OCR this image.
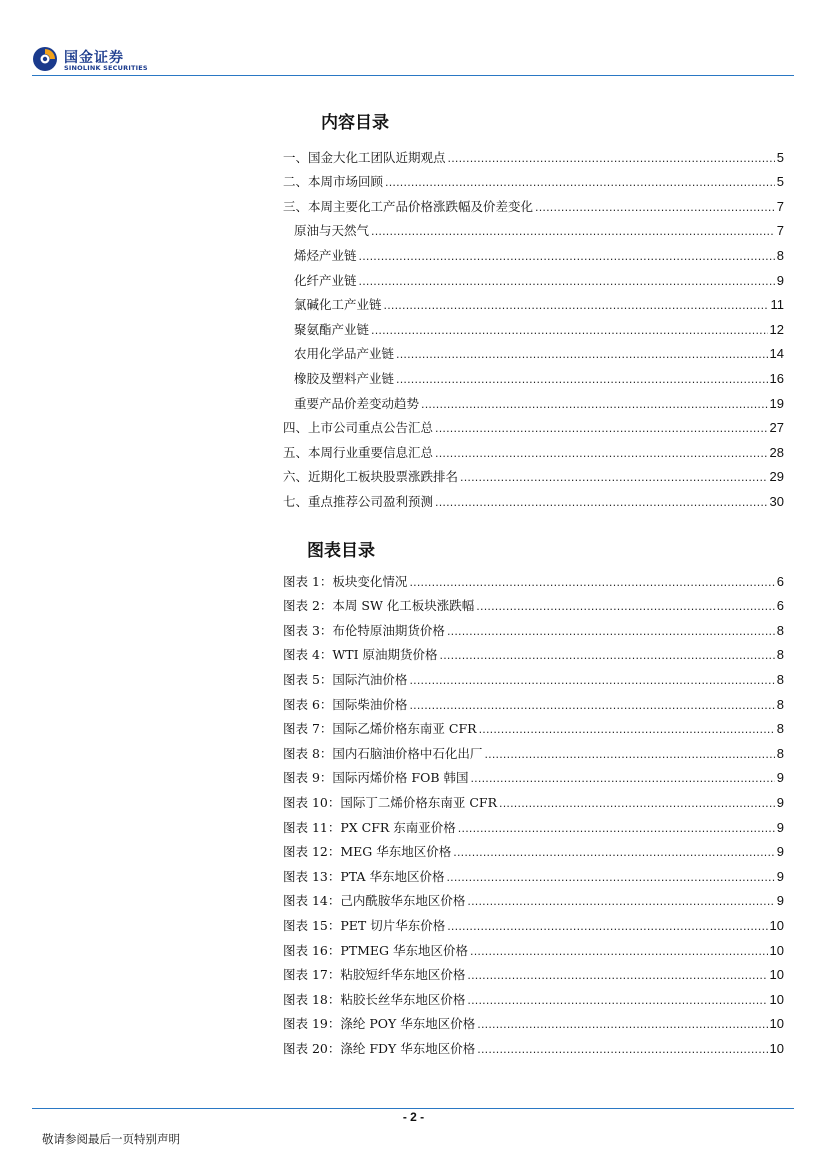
国金证券
SINOLINK SECURITIES
内容目录
一、国金大化工团队近期观点 .....	5
二、本周市场回顾 .....	5
三、本周主要化工产品价格涨跌幅及价差变化 .....	7
原油与天然气 .....	7
烯烃产业链 .....	8
化纤产业链 .....	9
氯碱化工产业链 .....	11
聚氨酯产业链 .....	12
农用化学品产业链 .....	14
橡胶及塑料产业链 .....	16
重要产品价差变动趋势 .....	19
四、上市公司重点公告汇总 .....	27
五、本周行业重要信息汇总 .....	28
六、近期化工板块股票涨跌排名 .....	29
七、重点推荐公司盈利预测 .....	30
图表目录
图表 1：板块变化情况 .....	6
图表 2：本周 SW 化工板块涨跌幅 .....	6
图表 3：布伦特原油期货价格 .....	8
图表 4：WTI 原油期货价格 .....	8
图表 5：国际汽油价格 .....	8
图表 6：国际柴油价格 .....	8
图表 7：国际乙烯价格东南亚 CFR .....	8
图表 8：国内石脑油价格中石化出厂 .....	8
图表 9：国际丙烯价格 FOB 韩国 .....	9
图表 10：国际丁二烯价格东南亚 CFR .....	9
图表 11：PX CFR 东南亚价格 .....	9
图表 12：MEG 华东地区价格 .....	9
图表 13：PTA 华东地区价格 .....	9
图表 14：己内酰胺华东地区价格 .....	9
图表 15：PET 切片华东价格 .....	10
图表 16：PTMEG 华东地区价格 .....	10
图表 17：粘胶短纤华东地区价格 .....	10
图表 18：粘胶长丝华东地区价格 .....	10
图表 19：涤纶 POY 华东地区价格 .....	10
图表 20：涤纶 FDY 华东地区价格 .....	10
- 2 -
敬请参阅最后一页特别声明
